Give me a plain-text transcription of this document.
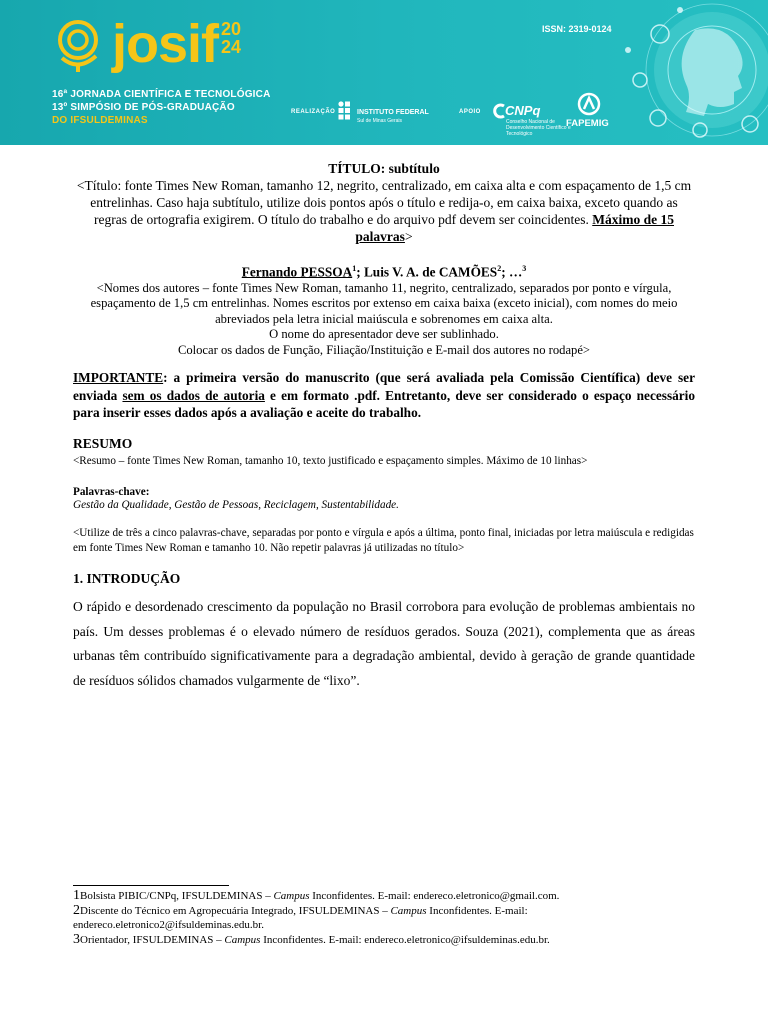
josif 20
24
16ª JORNADA CIENTÍFICA E TECNOLÓGICA
13º SIMPÓSIO DE PÓS-GRADUAÇÃO
DO IFSULDEMINAS
ISSN: 2319-0124
REALIZAÇÃO	INSTITUTO FEDERAL
Sul de Minas Gerais
APOIO CNPq
Conselho Nacional de Desenvolvimento Científico e Tecnológico
FAPEMIG
TÍTULO: subtítulo
<Título: fonte Times New Roman, tamanho 12, negrito, centralizado, em caixa alta e com espaçamento de 1,5 cm entrelinhas. Caso haja subtítulo, utilize dois pontos após o título e redija-o, em caixa baixa, exceto quando as regras de ortografia exigirem. O título do trabalho e do arquivo pdf devem ser coincidentes. Máximo de 15 palavras>
Fernando PESSOA$^1$; Luis V. A. de CAMÕES$^2$; …$^3$
<Nomes dos autores – fonte Times New Roman, tamanho 11, negrito, centralizado, separados por ponto e vírgula, espaçamento de 1,5 cm entrelinhas. Nomes escritos por extenso em caixa baixa (exceto inicial), com nomes do meio abreviados pela letra inicial maiúscula e sobrenomes em caixa alta.
O nome do apresentador deve ser sublinhado.
Colocar os dados de Função, Filiação/Instituição e E-mail dos autores no rodapé>
IMPORTANTE: a primeira versão do manuscrito (que será avaliada pela Comissão Científica) deve ser enviada sem os dados de autoria e em formato .pdf. Entretanto, deve ser considerado o espaço necessário para inserir esses dados após a avaliação e aceite do trabalho.
RESUMO
<Resumo – fonte Times New Roman, tamanho 10, texto justificado e espaçamento simples. Máximo de 10 linhas>
Palavras-chave:
Gestão da Qualidade, Gestão de Pessoas, Reciclagem, Sustentabilidade.
<Utilize de três a cinco palavras-chave, separadas por ponto e vírgula e após a última, ponto final, iniciadas por letra maiúscula e redigidas em fonte Times New Roman e tamanho 10. Não repetir palavras já utilizadas no título>
1. INTRODUÇÃO
O rápido e desordenado crescimento da população no Brasil corrobora para evolução de problemas ambientais no país. Um desses problemas é o elevado número de resíduos gerados. Souza (2021), complementa que as áreas urbanas têm contribuído significativamente para a degradação ambiental, devido à geração de grande quantidade de resíduos sólidos chamados vulgarmente de “lixo”.
1Bolsista PIBIC/CNPq, IFSULDEMINAS – Campus Inconfidentes. E-mail: endereco.eletronico@gmail.com.
2Discente do Técnico em Agropecuária Integrado, IFSULDEMINAS – Campus Inconfidentes. E-mail: endereco.eletronico2@ifsuldeminas.edu.br.
3Orientador, IFSULDEMINAS – Campus Inconfidentes. E-mail: endereco.eletronico@ifsuldeminas.edu.br.
